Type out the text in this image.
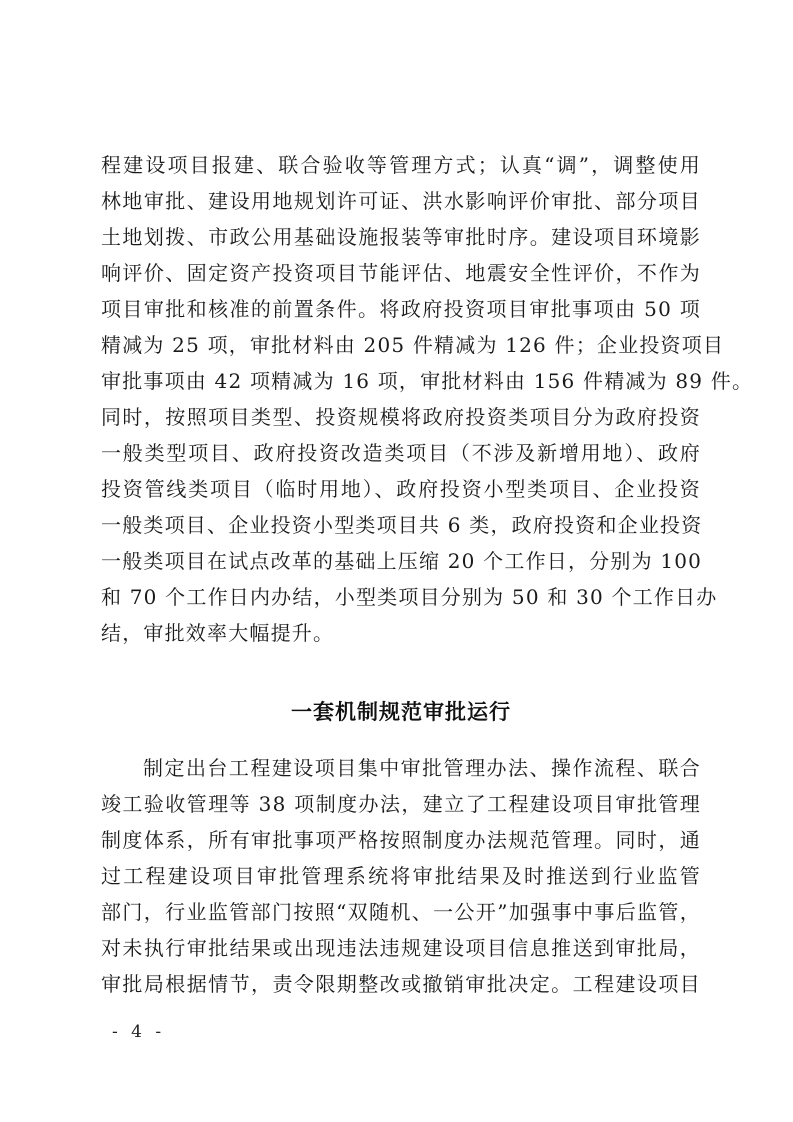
程建设项目报建、联合验收等管理方式；认真“调”，调整使用
林地审批、建设用地规划许可证、洪水影响评价审批、部分项目
土地划拨、市政公用基础设施报装等审批时序。建设项目环境影
响评价、固定资产投资项目节能评估、地震安全性评价，不作为
项目审批和核准的前置条件。将政府投资项目审批事项由 50 项
精减为 25 项，审批材料由 205 件精减为 126 件；企业投资项目
审批事项由 42 项精减为 16 项，审批材料由 156 件精减为 89 件。
同时，按照项目类型、投资规模将政府投资类项目分为政府投资
一般类型项目、政府投资改造类项目（不涉及新增用地）、政府
投资管线类项目（临时用地）、政府投资小型类项目、企业投资
一般类项目、企业投资小型类项目共 6 类，政府投资和企业投资
一般类项目在试点改革的基础上压缩 20 个工作日，分别为 100
和 70 个工作日内办结，小型类项目分别为 50 和 30 个工作日办
结，审批效率大幅提升。
一套机制规范审批运行
制定出台工程建设项目集中审批管理办法、操作流程、联合
竣工验收管理等 38 项制度办法，建立了工程建设项目审批管理
制度体系，所有审批事项严格按照制度办法规范管理。同时，通
过工程建设项目审批管理系统将审批结果及时推送到行业监管
部门，行业监管部门按照“双随机、一公开”加强事中事后监管，
对未执行审批结果或出现违法违规建设项目信息推送到审批局，
审批局根据情节，责令限期整改或撤销审批决定。工程建设项目
- 4 -
